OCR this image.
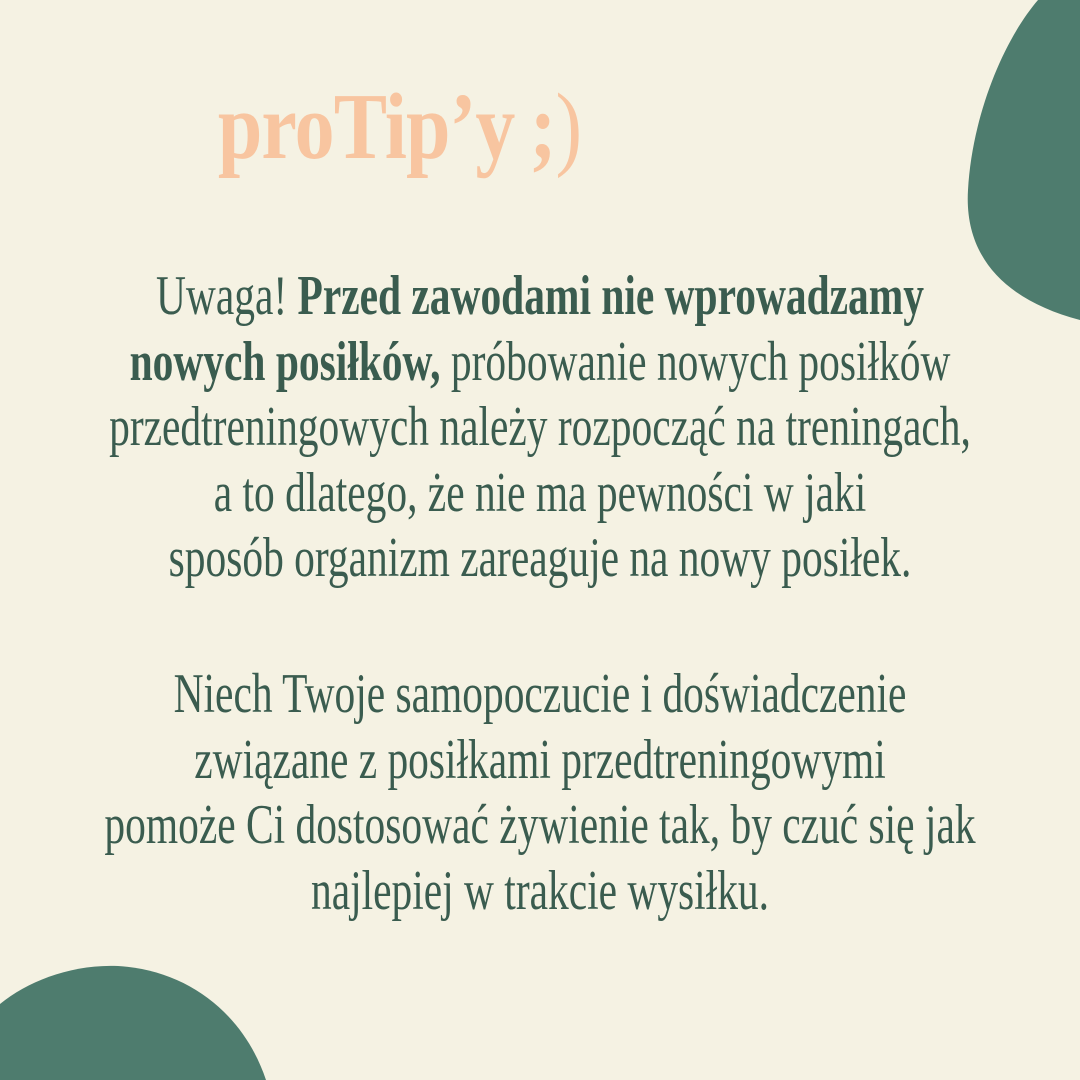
proTip’y ;)
Uwaga! Przed zawodami nie wprowadzamy
nowych posiłków, próbowanie nowych posiłków
przedtreningowych należy rozpocząć na treningach,
a to dlatego, że nie ma pewności w jaki
sposób organizm zareaguje na nowy posiłek.
Niech Twoje samopoczucie i doświadczenie
związane z posiłkami przedtreningowymi
pomoże Ci dostosować żywienie tak, by czuć się jak
najlepiej w trakcie wysiłku.
